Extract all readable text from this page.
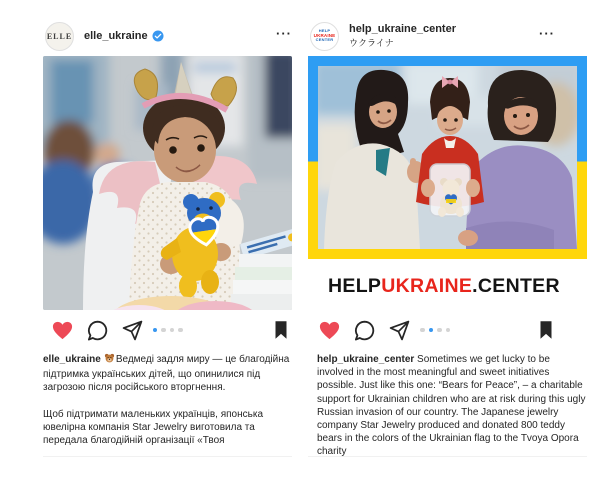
ELLE elle_ukraine	···

elle_ukraine Ведмеді задля миру — це благодійна підтримка українських дітей, що опинилися під загрозою після російського вторгнення.

Щоб підтримати маленьких українців, японська ювелірна компанія Star Jewelry виготовила та передала благодійній організації «Твоя

HELP
UKRAINE
CENTER
help_ukraine_center
ウクライナ
···
HELPUKRAINE.CENTER

help_ukraine_center Sometimes we get lucky to be involved in the most meaningful and sweet initiatives possible. Just like this one: “Bears for Peace”, – a charitable support for Ukrainian children who are at risk during this ugly Russian invasion of our country. The Japanese jewelry company Star Jewelry produced and donated 800 teddy bears in the colors of the Ukrainian flag to the Tvoya Opora charity
